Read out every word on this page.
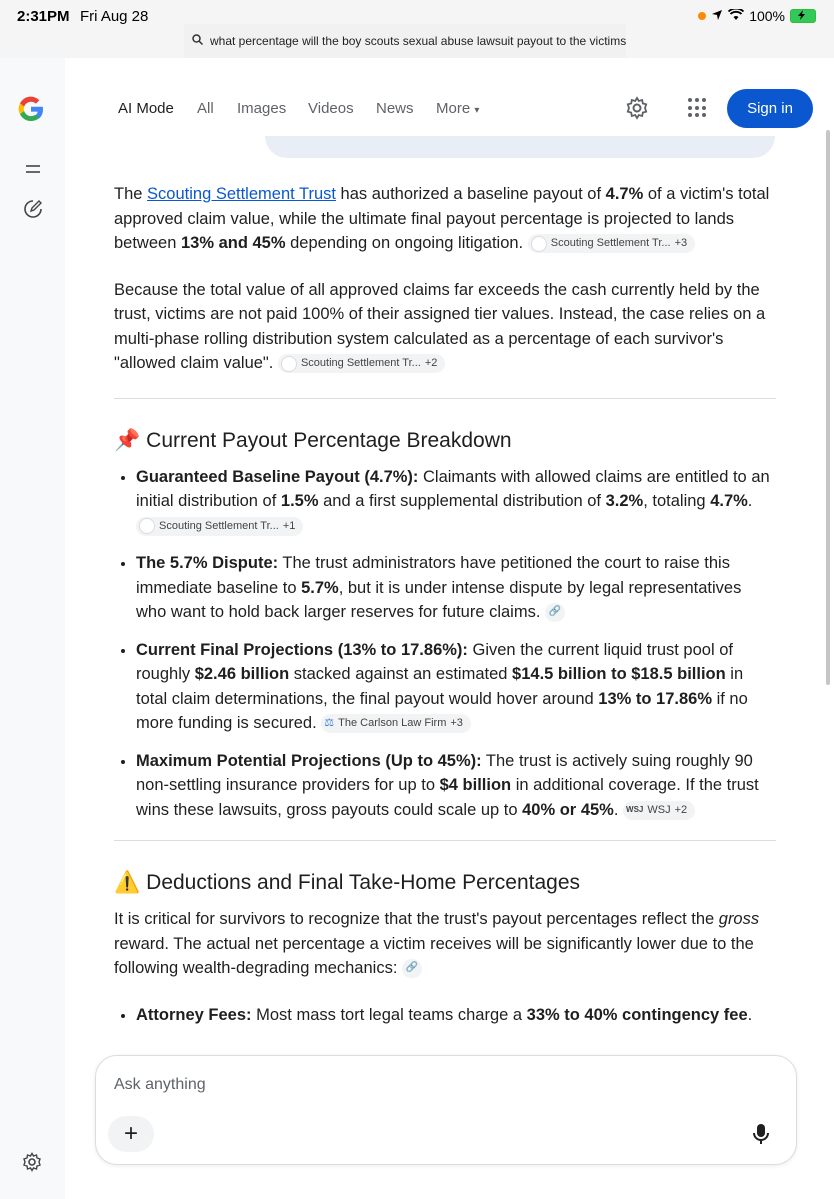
2:31PM Fri Aug 28	100%
what percentage will the boy scouts sexual abuse lawsuit payout to the victims
AI Mode All Images Videos News More ▾	Sign in

The Scouting Settlement Trust has authorized a baseline payout of 4.7% of a victim's total approved claim value, while the ultimate final payout percentage is projected to lands between 13% and 45% depending on ongoing litigation.	Scouting Settlement Tr... +3

Because the total value of all approved claims far exceeds the cash currently held by the trust, victims are not paid 100% of their assigned tier values. Instead, the case relies on a multi-phase rolling distribution system calculated as a percentage of each survivor's "allowed claim value".	Scouting Settlement Tr... +2

📌 Current Payout Percentage Breakdown
• Guaranteed Baseline Payout (4.7%): Claimants with allowed claims are entitled to an initial distribution of 1.5% and a first supplemental distribution of 3.2%, totaling 4.7%.
Scouting Settlement Tr... +1
• The 5.7% Dispute: The trust administrators have petitioned the court to raise this immediate baseline to 5.7%, but it is under intense dispute by legal representatives who want to hold back larger reserves for future claims. 🔗
• Current Final Projections (13% to 17.86%): Given the current liquid trust pool of roughly $2.46 billion stacked against an estimated $14.5 billion to $18.5 billion in total claim determinations, the final payout would hover around 13% to 17.86% if no more funding is secured. ⚖ The Carlson Law Firm +3
• Maximum Potential Projections (Up to 45%): The trust is actively suing roughly 90 non-settling insurance providers for up to $4 billion in additional coverage. If the trust wins these lawsuits, gross payouts could scale up to 40% or 45%. WSJ WSJ +2
⚠️ Deductions and Final Take-Home Percentages

It is critical for survivors to recognize that the trust's payout percentages reflect the gross reward. The actual net percentage a victim receives will be significantly lower due to the following wealth-degrading mechanics: 🔗

• Attorney Fees: Most mass tort legal teams charge a 33% to 40% contingency fee.
Ask anything
+
